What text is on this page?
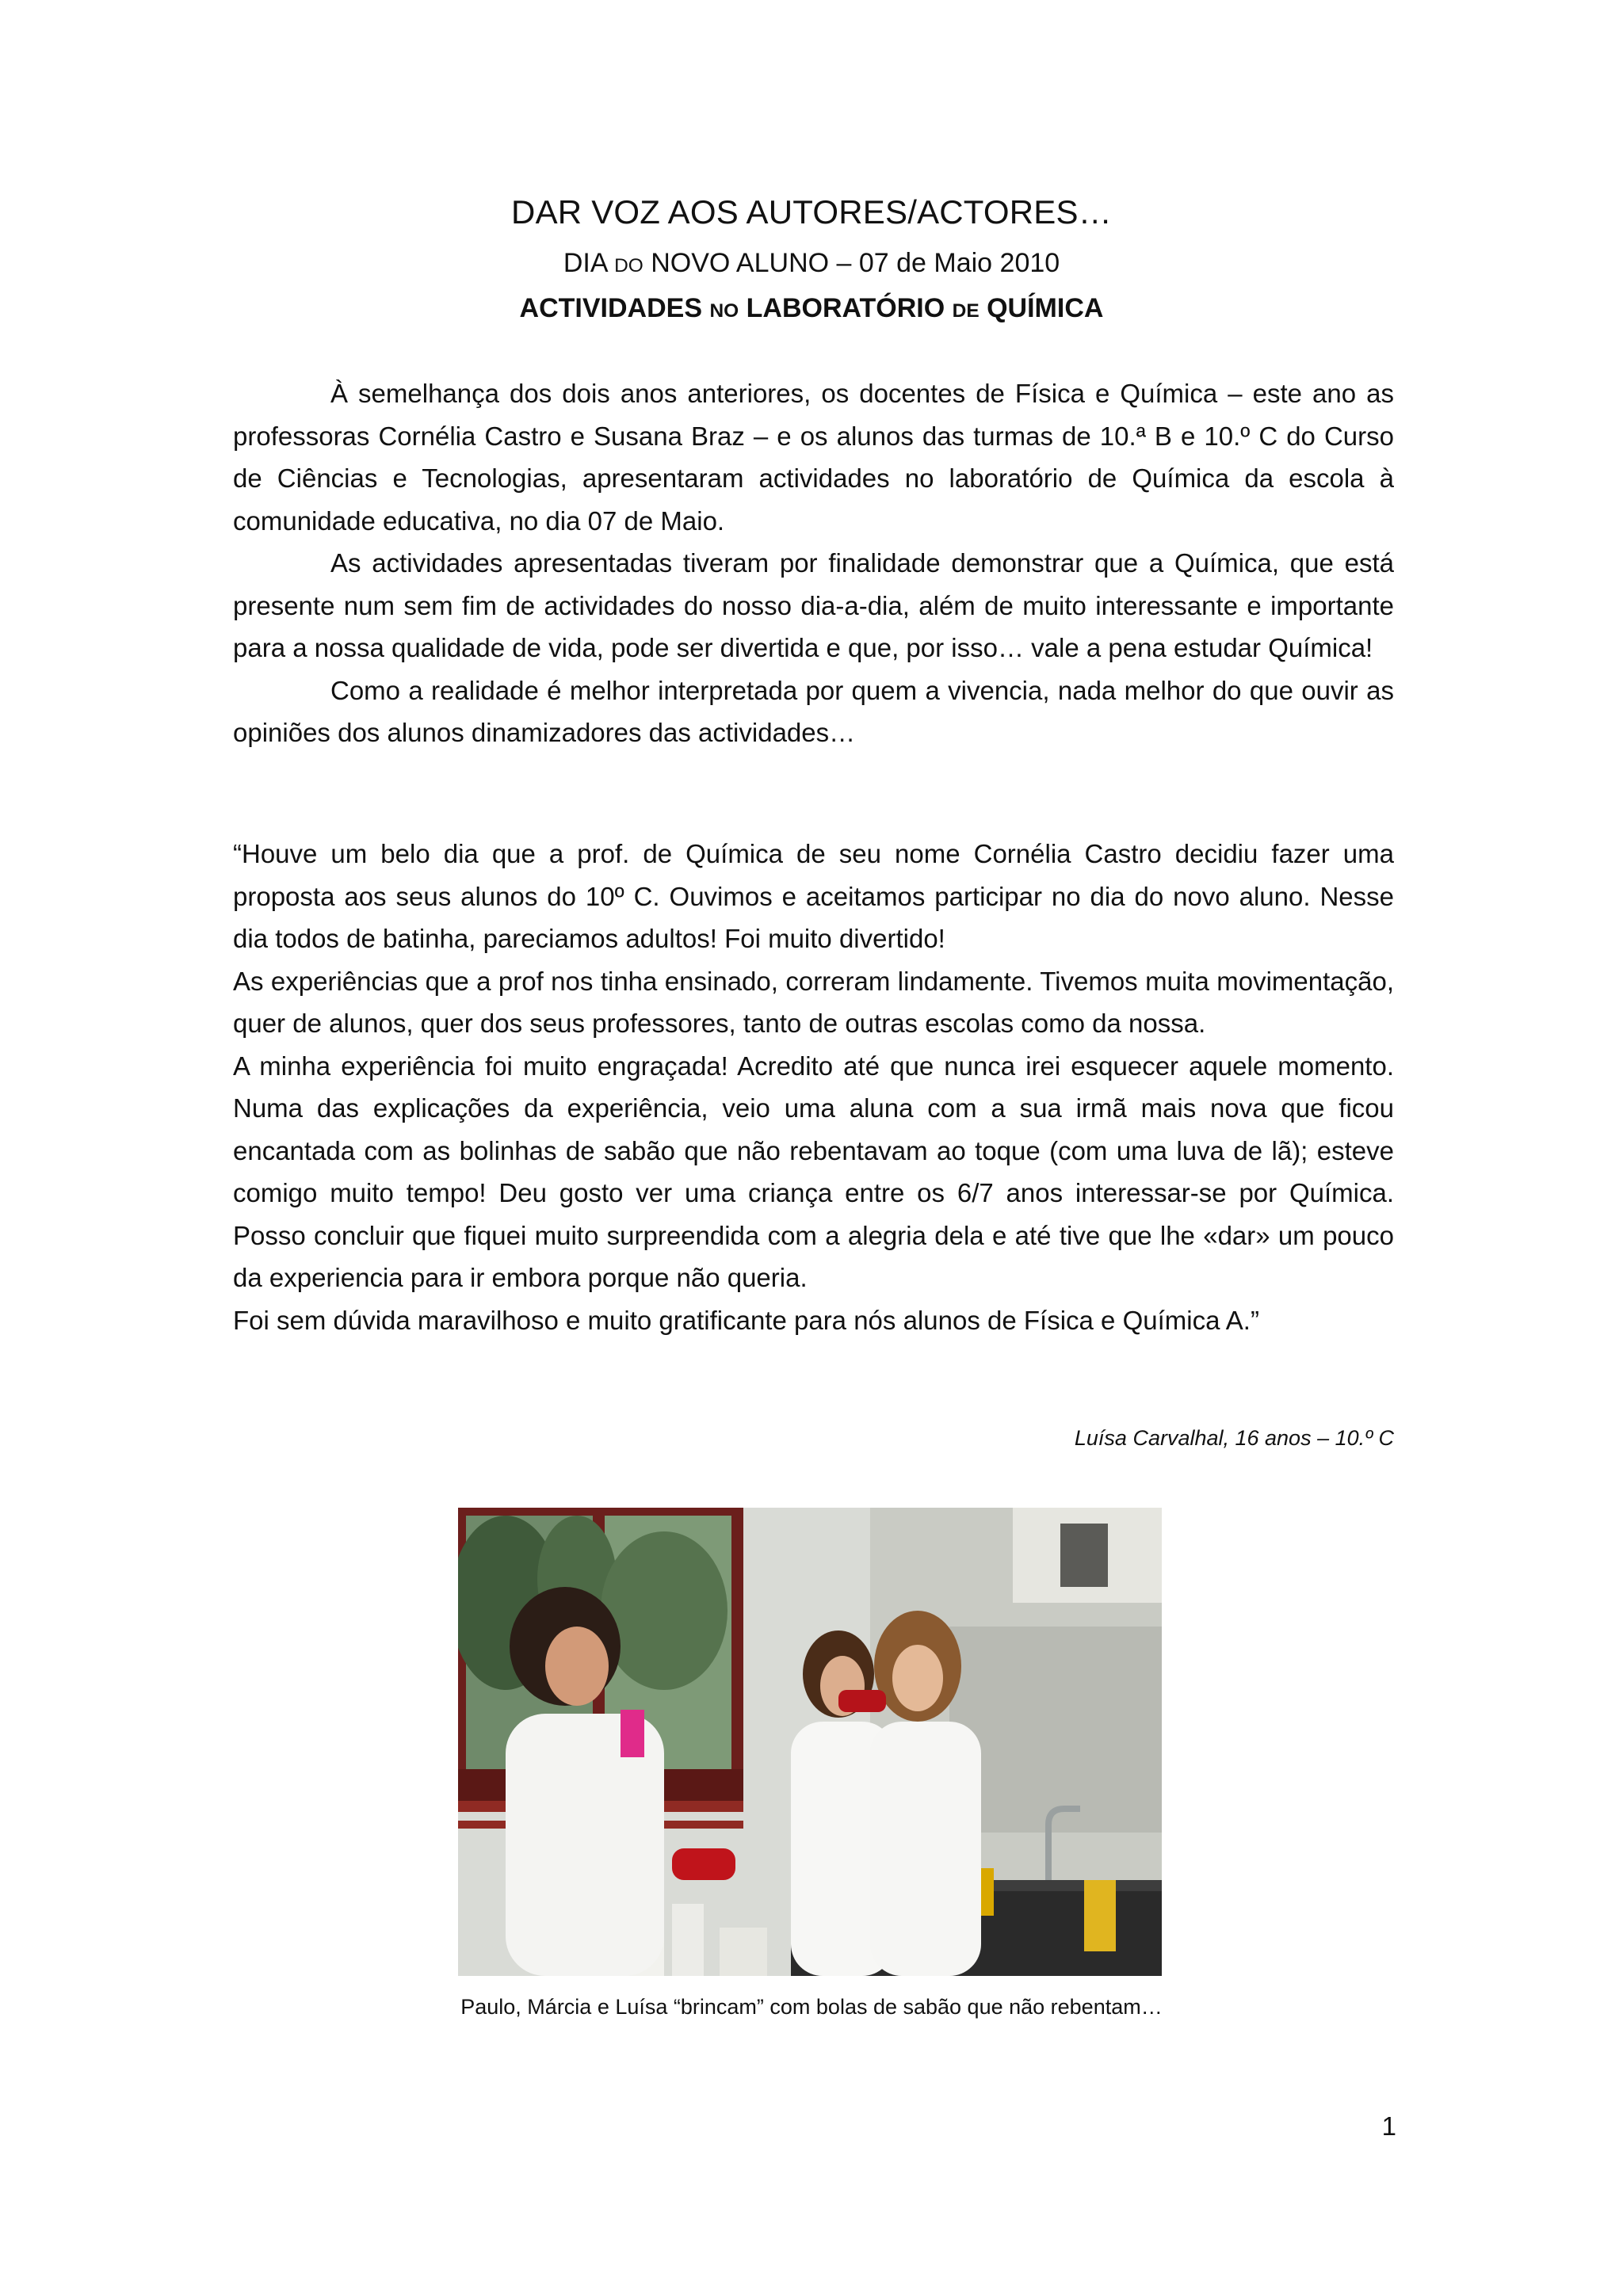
DAR VOZ AOS AUTORES/ACTORES…
DIA DO NOVO ALUNO – 07 de Maio 2010
ACTIVIDADES NO LABORATÓRIO DE QUÍMICA

À semelhança dos dois anos anteriores, os docentes de Física e Química – este ano as professoras Cornélia Castro e Susana Braz – e os alunos das turmas de 10.ª B e 10.º C do Curso de Ciências e Tecnologias, apresentaram actividades no laboratório de Química da escola à comunidade educativa, no dia 07 de Maio.

As actividades apresentadas tiveram por finalidade demonstrar que a Química, que está presente num sem fim de actividades do nosso dia-a-dia, além de muito interessante e importante para a nossa qualidade de vida, pode ser divertida e que, por isso… vale a pena estudar Química!

Como a realidade é melhor interpretada por quem a vivencia, nada melhor do que ouvir as opiniões dos alunos dinamizadores das actividades…

“Houve um belo dia que a prof. de Química de seu nome Cornélia Castro decidiu fazer uma proposta aos seus alunos do 10º C. Ouvimos e aceitamos participar no dia do novo aluno. Nesse dia todos de batinha, pareciamos adultos! Foi muito divertido!

As experiências que a prof nos tinha ensinado, correram lindamente. Tivemos muita movimentação, quer de alunos, quer dos seus professores, tanto de outras escolas como da nossa.

A minha experiência foi muito engraçada! Acredito até que nunca irei esquecer aquele momento. Numa das explicações da experiência, veio uma aluna com a sua irmã mais nova que ficou encantada com as bolinhas de sabão que não rebentavam ao toque (com uma luva de lã); esteve comigo muito tempo! Deu gosto ver uma criança entre os 6/7 anos interessar-se por Química. Posso concluir que fiquei muito surpreendida com a alegria dela e até tive que lhe «dar» um pouco da experiencia para ir embora porque não queria.

Foi sem dúvida maravilhoso e muito gratificante para nós alunos de Física e Química A.”

Luísa Carvalhal, 16 anos – 10.º C
Paulo, Márcia e Luísa “brincam” com bolas de sabão que não rebentam…
1
